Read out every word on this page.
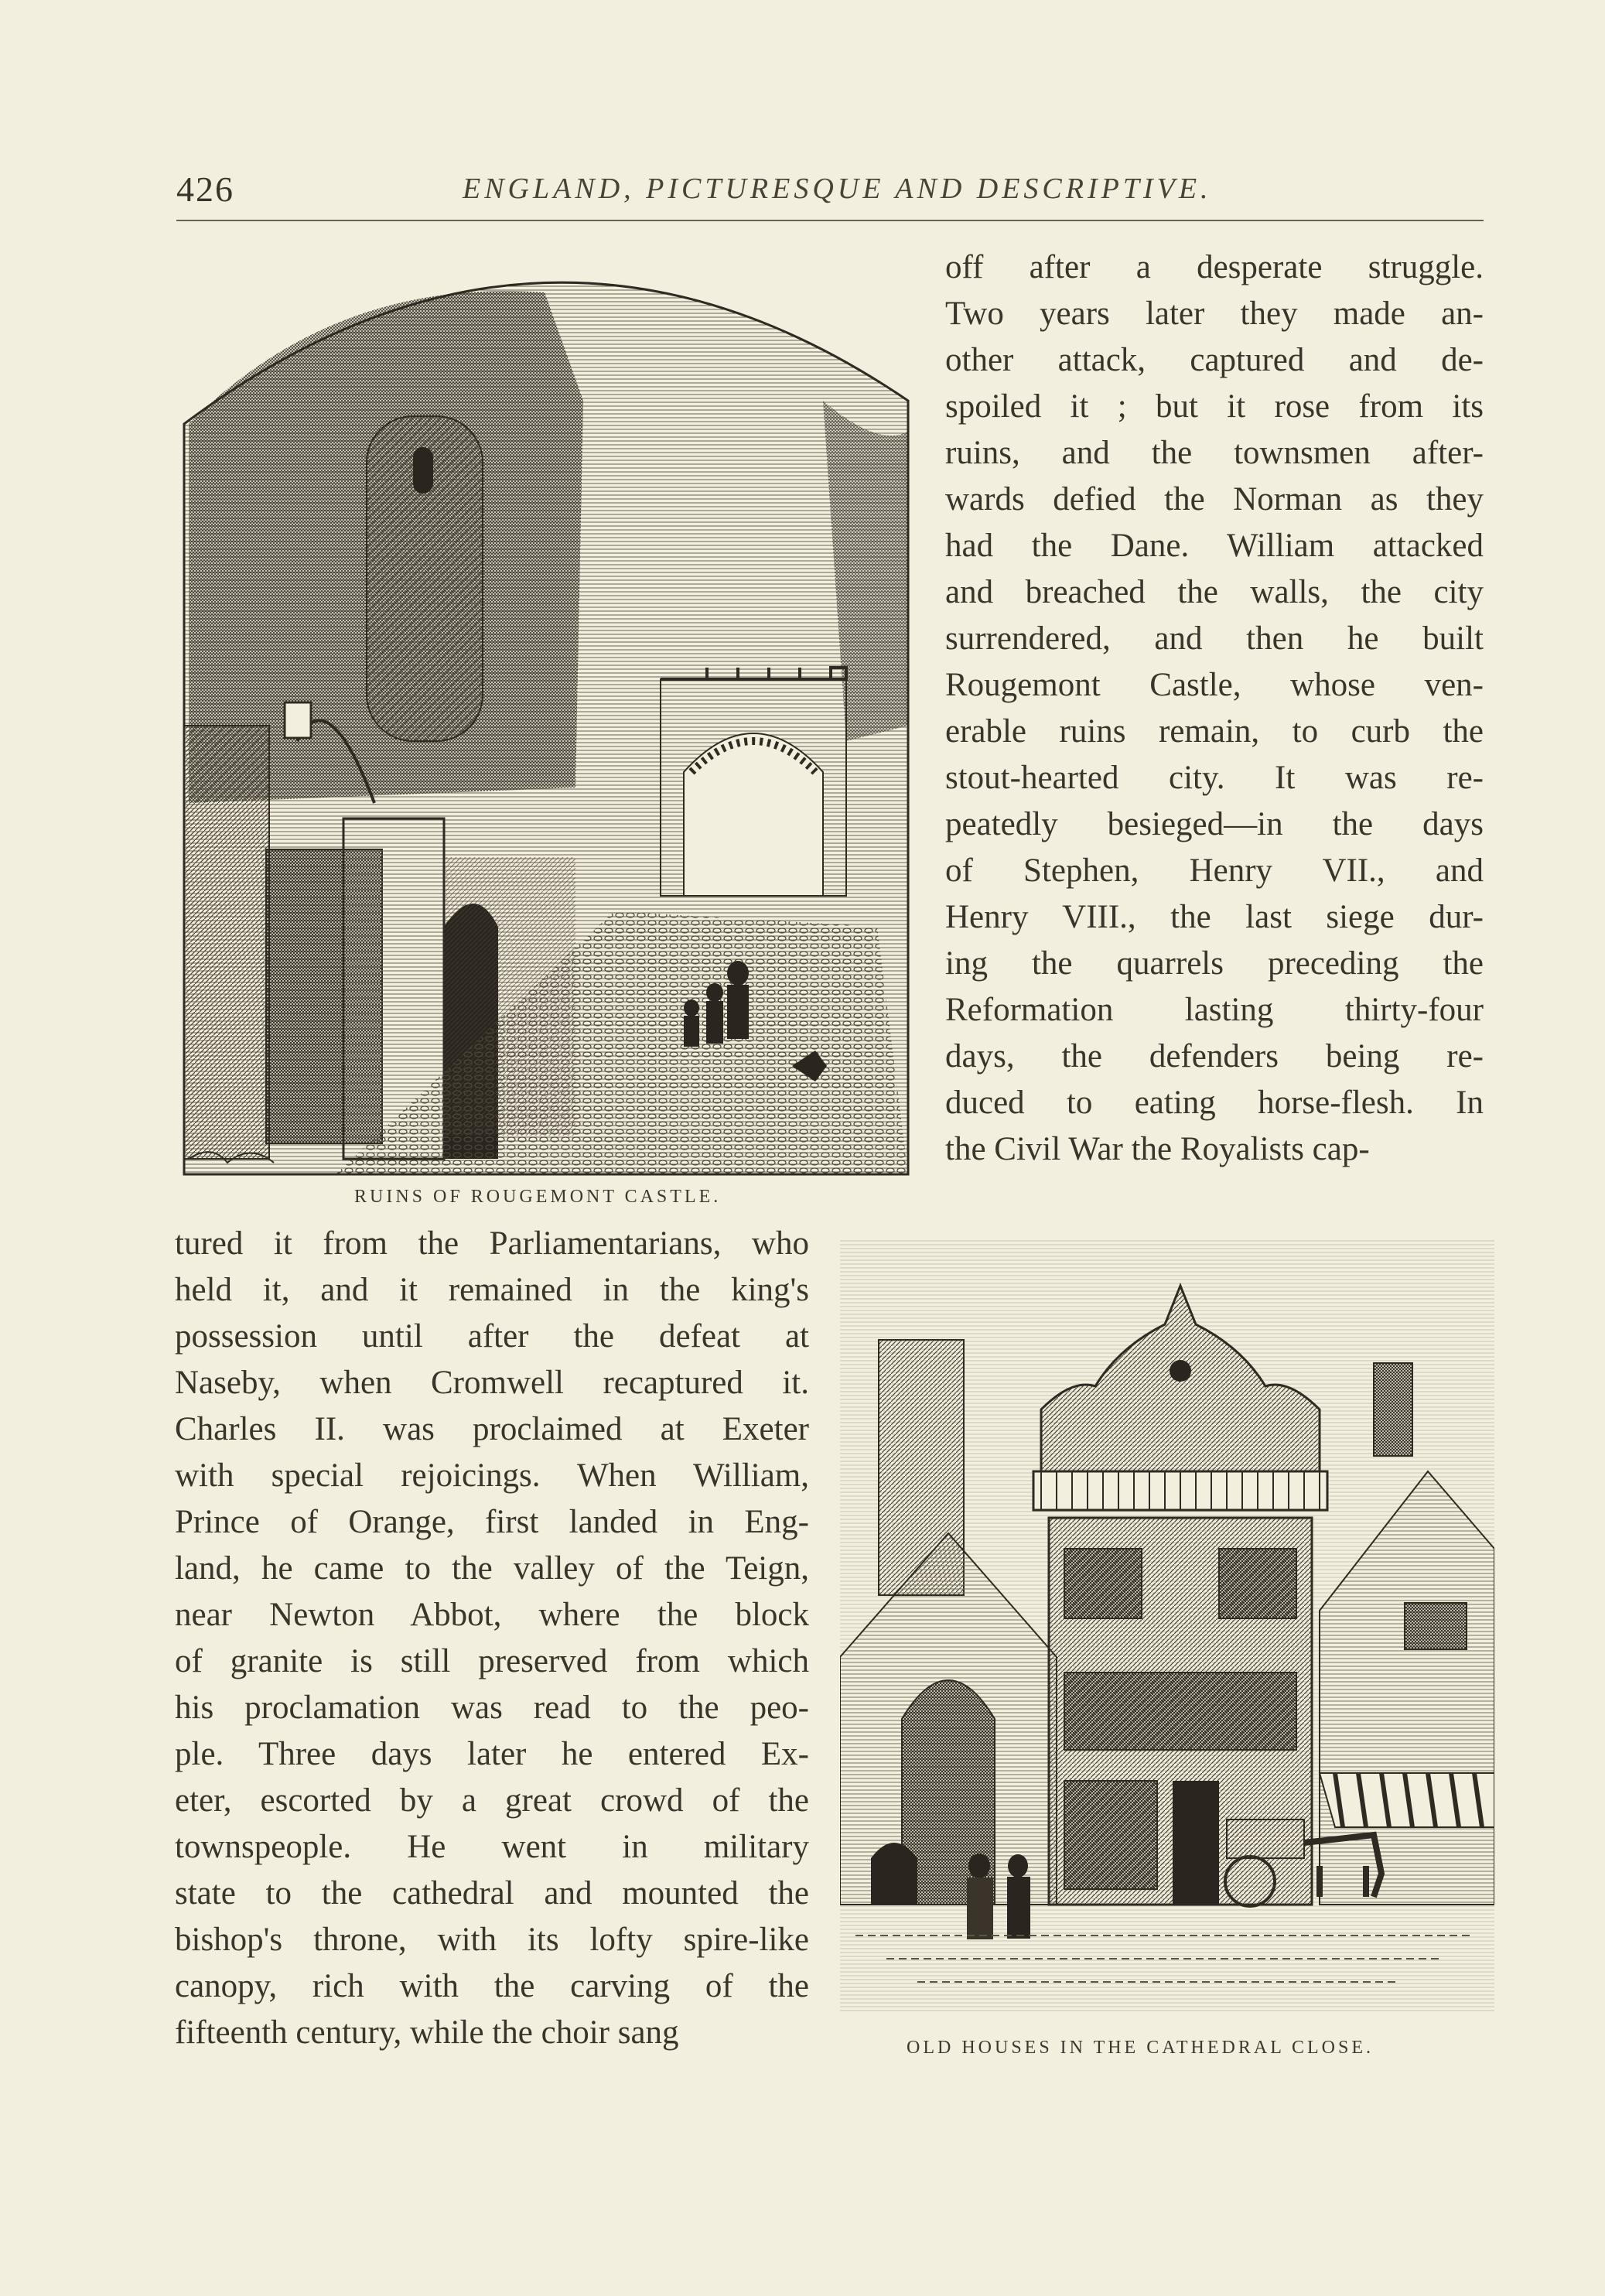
426	ENGLAND, PICTURESQUE AND DESCRIPTIVE.
RUINS OF ROUGEMONT CASTLE.
OLD HOUSES IN THE CATHEDRAL CLOSE.
off after a desperate struggle.
Two years later they made an-
other attack, captured and de-
spoiled it ; but it rose from its
ruins, and the townsmen after-
wards defied the Norman as they
had the Dane. William attacked
and breached the walls, the city
surrendered, and then he built
Rougemont Castle, whose ven-
erable ruins remain, to curb the
stout-hearted city. It was re-
peatedly besieged—in the days
of Stephen, Henry VII., and
Henry VIII., the last siege dur-
ing the quarrels preceding the
Reformation lasting thirty-four
days, the defenders being re-
duced to eating horse-flesh. In
the Civil War the Royalists cap-
tured it from the Parliamentarians, who
held it, and it remained in the king's
possession until after the defeat at
Naseby, when Cromwell recaptured it.
Charles II. was proclaimed at Exeter
with special rejoicings. When William,
Prince of Orange, first landed in Eng-
land, he came to the valley of the Teign,
near Newton Abbot, where the block
of granite is still preserved from which
his proclamation was read to the peo-
ple. Three days later he entered Ex-
eter, escorted by a great crowd of the
townspeople. He went in military
state to the cathedral and mounted the
bishop's throne, with its lofty spire-like
canopy, rich with the carving of the
fifteenth century, while the choir sang
